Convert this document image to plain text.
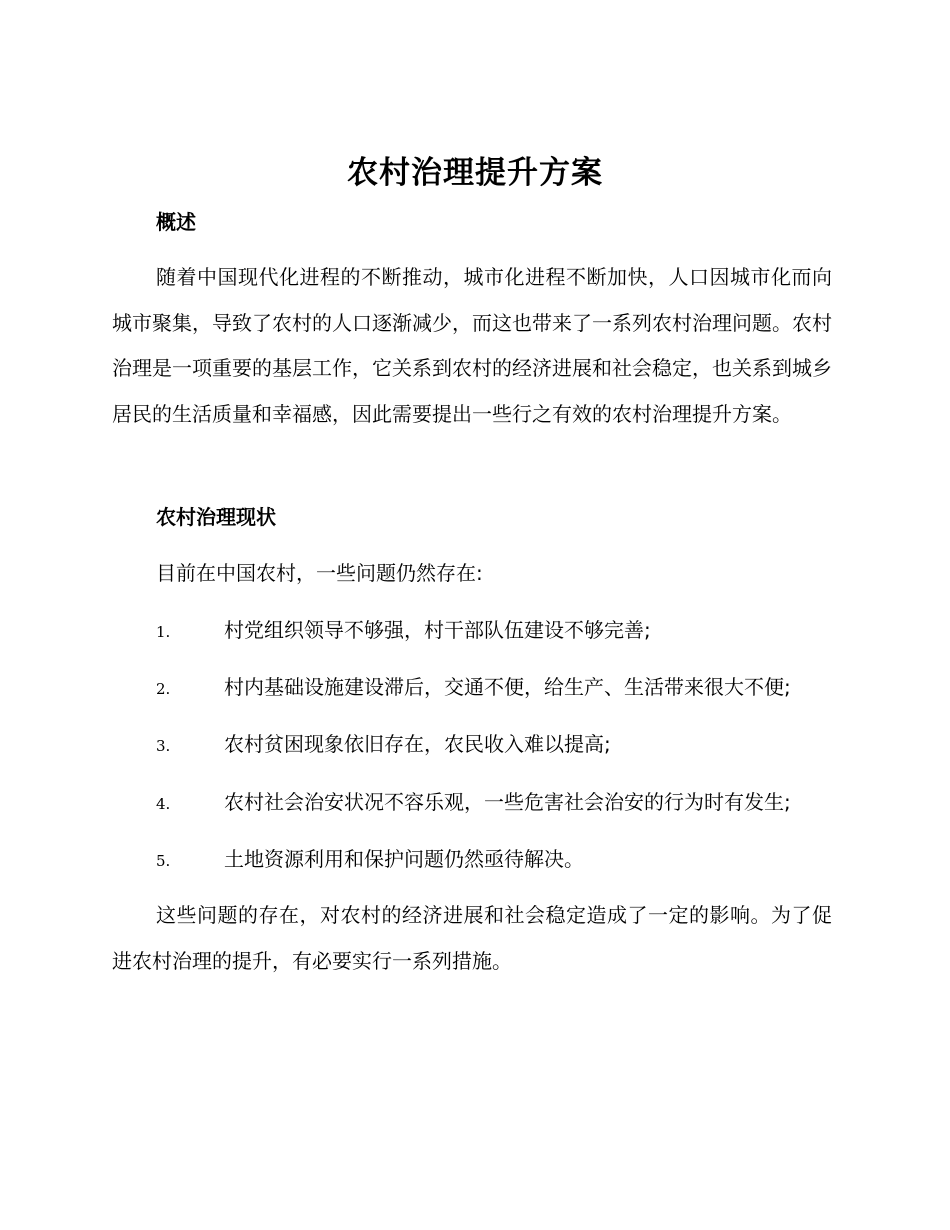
农村治理提升方案
概述

随着中国现代化进程的不断推动，城市化进程不断加快，人口因城市化而向城市聚集，导致了农村的人口逐渐减少，而这也带来了一系列农村治理问题。农村治理是一项重要的基层工作，它关系到农村的经济进展和社会稳定，也关系到城乡居民的生活质量和幸福感，因此需要提出一些行之有效的农村治理提升方案。

农村治理现状
目前在中国农村，一些问题仍然存在:
1.	村党组织领导不够强，村干部队伍建设不够完善;
2.	村内基础设施建设滞后，交通不便，给生产、生活带来很大不便;
3.	农村贫困现象依旧存在，农民收入难以提高;
4.	农村社会治安状况不容乐观，一些危害社会治安的行为时有发生;
5.	土地资源利用和保护问题仍然亟待解决。

这些问题的存在，对农村的经济进展和社会稳定造成了一定的影响。为了促进农村治理的提升，有必要实行一系列措施。
